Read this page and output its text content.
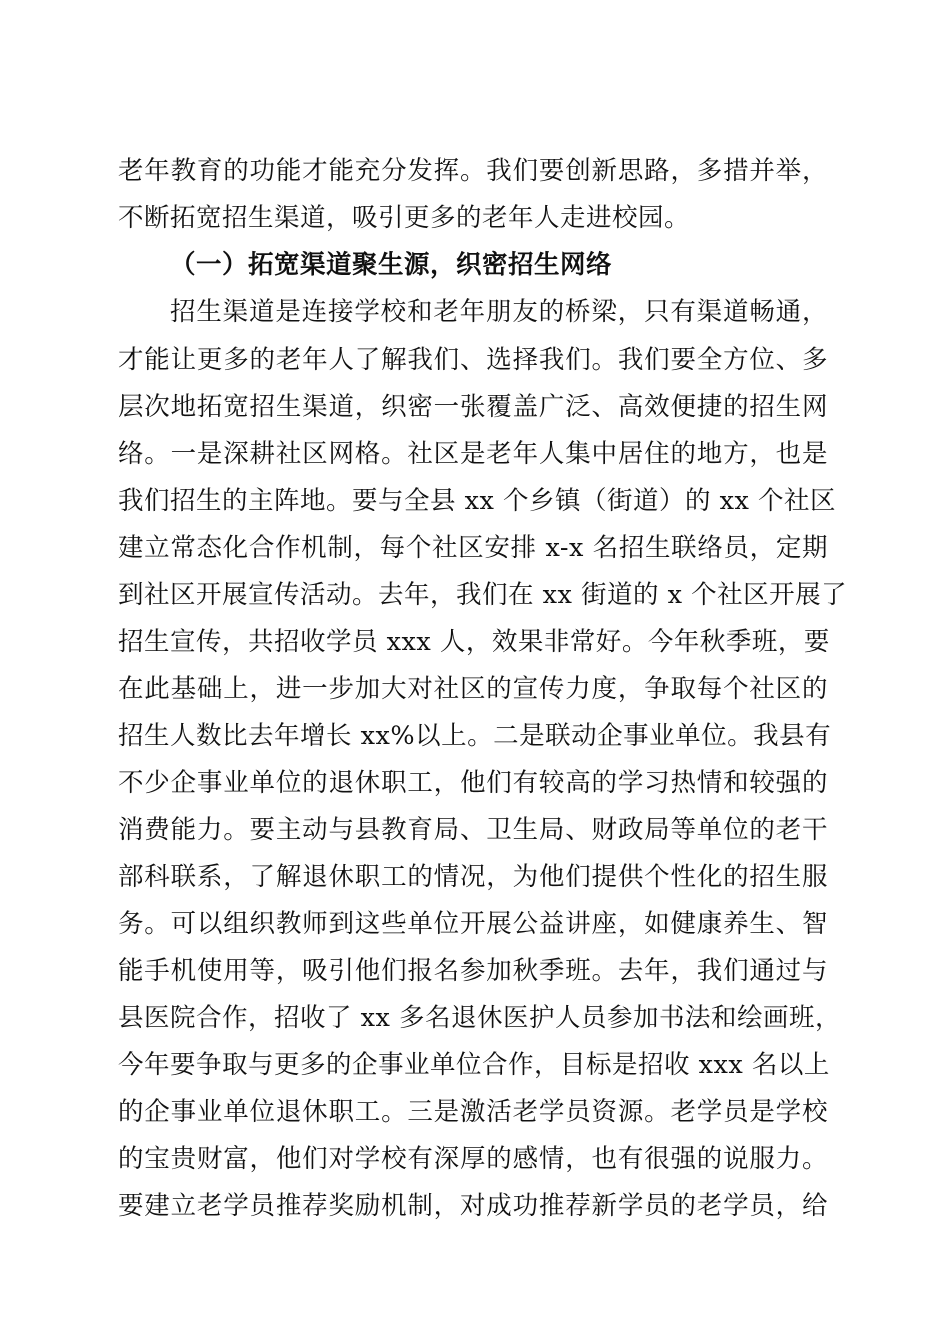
老年教育的功能才能充分发挥。我们要创新思路，多措并举，
不断拓宽招生渠道，吸引更多的老年人走进校园。
（一）拓宽渠道聚生源，织密招生网络
招生渠道是连接学校和老年朋友的桥梁，只有渠道畅通，
才能让更多的老年人了解我们、选择我们。我们要全方位、多
层次地拓宽招生渠道，织密一张覆盖广泛、高效便捷的招生网
络。一是深耕社区网格。社区是老年人集中居住的地方，也是
我们招生的主阵地。要与全县 xx 个乡镇（街道）的 xx 个社区
建立常态化合作机制，每个社区安排 x-x 名招生联络员，定期
到社区开展宣传活动。去年，我们在 xx 街道的 x 个社区开展了
招生宣传，共招收学员 xxx 人，效果非常好。今年秋季班，要
在此基础上，进一步加大对社区的宣传力度，争取每个社区的
招生人数比去年增长 xx%以上。二是联动企事业单位。我县有
不少企事业单位的退休职工，他们有较高的学习热情和较强的
消费能力。要主动与县教育局、卫生局、财政局等单位的老干
部科联系，了解退休职工的情况，为他们提供个性化的招生服
务。可以组织教师到这些单位开展公益讲座，如健康养生、智
能手机使用等，吸引他们报名参加秋季班。去年，我们通过与
县医院合作，招收了 xx 多名退休医护人员参加书法和绘画班，
今年要争取与更多的企事业单位合作，目标是招收 xxx 名以上
的企事业单位退休职工。三是激活老学员资源。老学员是学校
的宝贵财富，他们对学校有深厚的感情，也有很强的说服力。
要建立老学员推荐奖励机制，对成功推荐新学员的老学员，给
